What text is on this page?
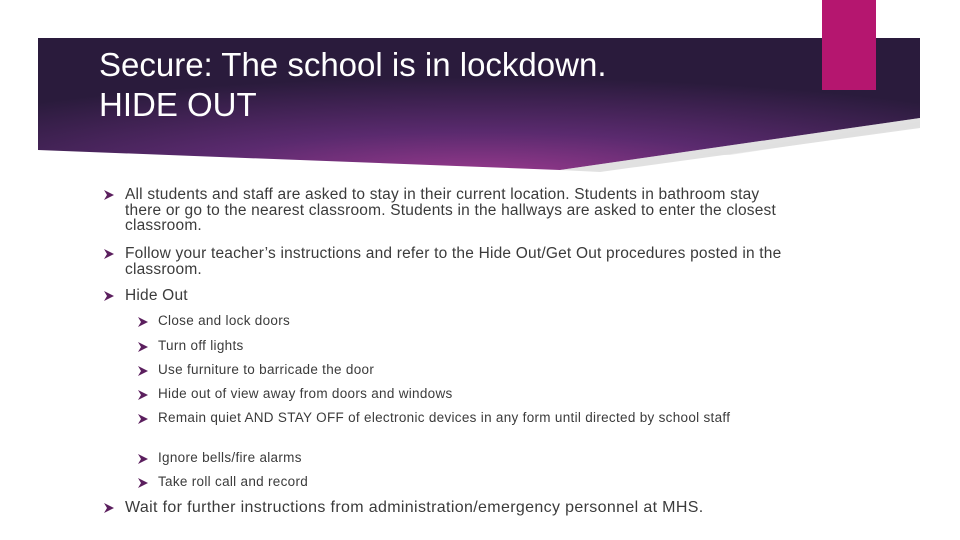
Secure: The school is in lockdown.
HIDE OUT
All students and staff are asked to stay in their current location. Students in bathroom stay there or go to the nearest classroom. Students in the hallways are asked to enter the closest classroom.
Follow your teacher’s instructions and refer to the Hide Out/Get Out procedures posted in the classroom.
Hide Out
Close and lock doors
Turn off lights
Use furniture to barricade the door
Hide out of view away from doors and windows
Remain quiet AND STAY OFF of electronic devices in any form until directed by school staff
Ignore bells/fire alarms
Take roll call and record
Wait for further instructions from administration/emergency personnel at MHS.
